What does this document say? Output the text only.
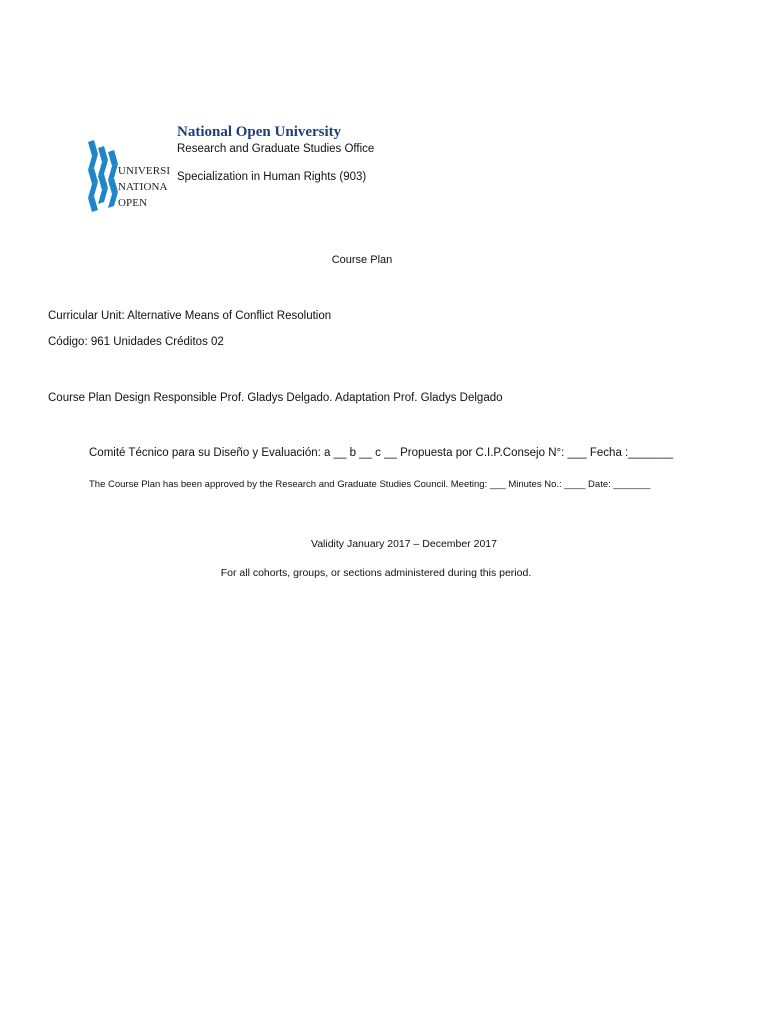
UNIVERSI
NATIONA
OPEN
National Open University
Research and Graduate Studies Office
Specialization in Human Rights (903)
Course Plan
Curricular Unit: Alternative Means of Conflict Resolution
Código: 961 Unidades Créditos 02
Course Plan Design Responsible Prof. Gladys Delgado. Adaptation Prof. Gladys Delgado
Comité Técnico para su Diseño y Evaluación: a __ b __ c __ Propuesta por C.I.P.Consejo N°: ___ Fecha :_______
The Course Plan has been approved by the Research and Graduate Studies Council. Meeting: ___ Minutes No.: ____ Date: _______
Validity January 2017 – December 2017
For all cohorts, groups, or sections administered during this period.
